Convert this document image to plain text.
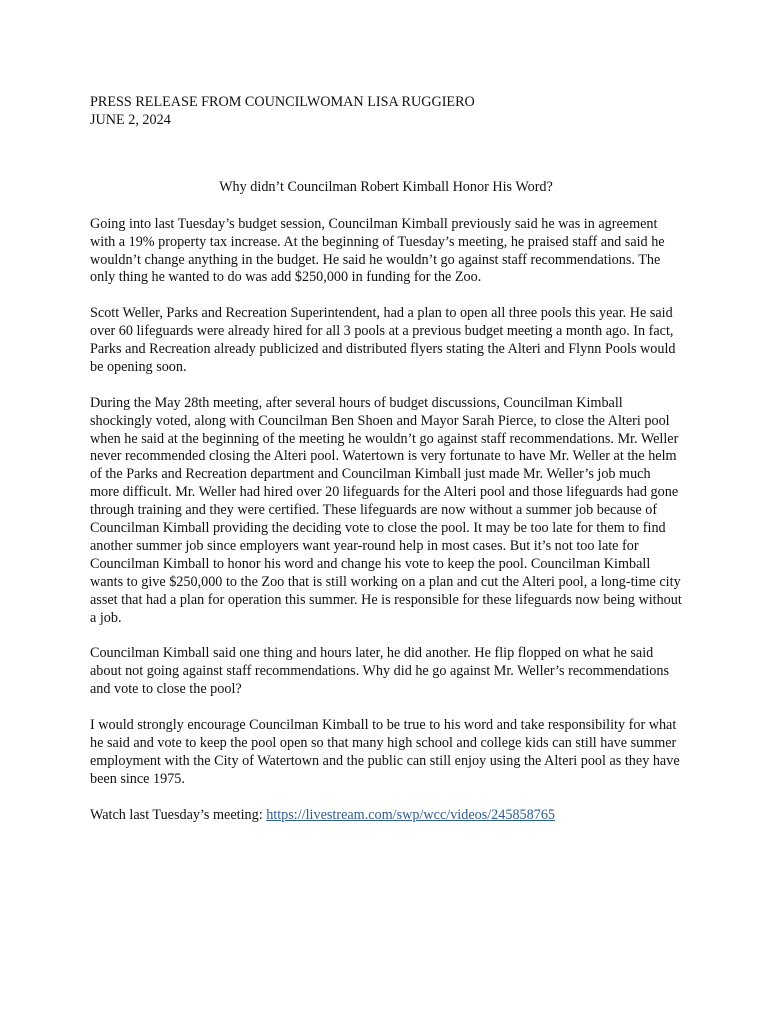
PRESS RELEASE FROM COUNCILWOMAN LISA RUGGIERO
JUNE 2, 2024
Why didn’t Councilman Robert Kimball Honor His Word?

Going into last Tuesday’s budget session, Councilman Kimball previously said he was in agreement with a 19% property tax increase. At the beginning of Tuesday’s meeting, he praised staff and said he wouldn’t change anything in the budget. He said he wouldn’t go against staff recommendations. The only thing he wanted to do was add $250,000 in funding for the Zoo.

Scott Weller, Parks and Recreation Superintendent, had a plan to open all three pools this year. He said over 60 lifeguards were already hired for all 3 pools at a previous budget meeting a month ago. In fact, Parks and Recreation already publicized and distributed flyers stating the Alteri and Flynn Pools would be opening soon.

During the May 28th meeting, after several hours of budget discussions, Councilman Kimball shockingly voted, along with Councilman Ben Shoen and Mayor Sarah Pierce, to close the Alteri pool when he said at the beginning of the meeting he wouldn’t go against staff recommendations. Mr. Weller never recommended closing the Alteri pool. Watertown is very fortunate to have Mr. Weller at the helm of the Parks and Recreation department and Councilman Kimball just made Mr. Weller’s job much more difficult. Mr. Weller had hired over 20 lifeguards for the Alteri pool and those lifeguards had gone through training and they were certified. These lifeguards are now without a summer job because of Councilman Kimball providing the deciding vote to close the pool. It may be too late for them to find another summer job since employers want year-round help in most cases. But it’s not too late for Councilman Kimball to honor his word and change his vote to keep the pool. Councilman Kimball wants to give $250,000 to the Zoo that is still working on a plan and cut the Alteri pool, a long-time city asset that had a plan for operation this summer. He is responsible for these lifeguards now being without a job.

Councilman Kimball said one thing and hours later, he did another. He flip flopped on what he said about not going against staff recommendations. Why did he go against Mr. Weller’s recommendations and vote to close the pool?

I would strongly encourage Councilman Kimball to be true to his word and take responsibility for what he said and vote to keep the pool open so that many high school and college kids can still have summer employment with the City of Watertown and the public can still enjoy using the Alteri pool as they have been since 1975.

Watch last Tuesday’s meeting: https://livestream.com/swp/wcc/videos/245858765
